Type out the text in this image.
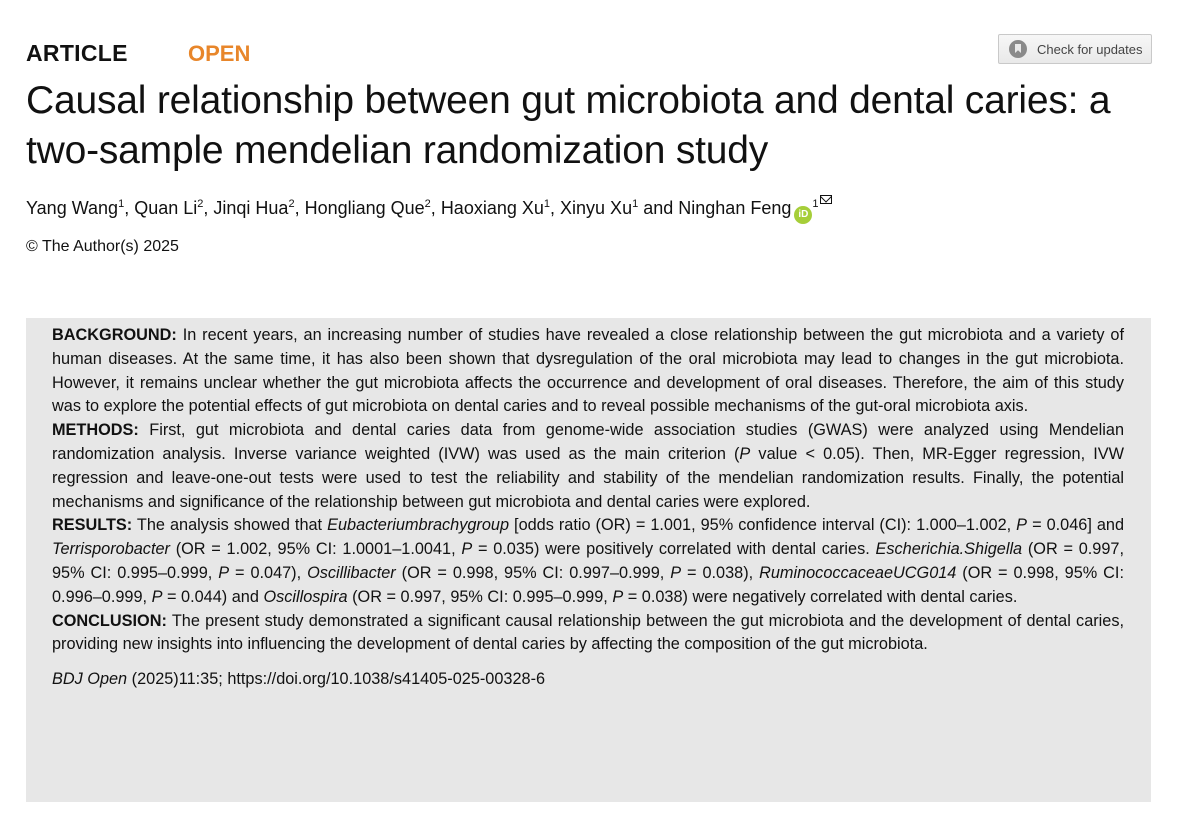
ARTICLE	OPEN	Check for updates
Causal relationship between gut microbiota and dental caries: a two-sample mendelian randomization study
Yang Wang$^1$, Quan Li$^2$, Jinqi Hua$^2$, Hongliang Que$^2$, Haoxiang Xu$^1$, Xinyu Xu$^1$ and Ninghan Feng $iD^1$
© The Author(s) 2025

BACKGROUND: In recent years, an increasing number of studies have revealed a close relationship between the gut microbiota and a variety of human diseases. At the same time, it has also been shown that dysregulation of the oral microbiota may lead to changes in the gut microbiota. However, it remains unclear whether the gut microbiota affects the occurrence and development of oral diseases. Therefore, the aim of this study was to explore the potential effects of gut microbiota on dental caries and to reveal possible mechanisms of the gut-oral microbiota axis.

METHODS: First, gut microbiota and dental caries data from genome-wide association studies (GWAS) were analyzed using Mendelian randomization analysis. Inverse variance weighted (IVW) was used as the main criterion (P value < 0.05). Then, MR-Egger regression, IVW regression and leave-one-out tests were used to test the reliability and stability of the mendelian randomization results. Finally, the potential mechanisms and significance of the relationship between gut microbiota and dental caries were explored.

RESULTS: The analysis showed that Eubacteriumbrachygroup [odds ratio (OR) = 1.001, 95% confidence interval (CI): 1.000–1.002, P = 0.046] and Terrisporobacter (OR = 1.002, 95% CI: 1.0001–1.0041, P = 0.035) were positively correlated with dental caries. Escherichia.Shigella (OR = 0.997, 95% CI: 0.995–0.999, P = 0.047), Oscillibacter (OR = 0.998, 95% CI: 0.997–0.999, P = 0.038), RuminococcaceaeUCG014 (OR = 0.998, 95% CI: 0.996–0.999, P = 0.044) and Oscillospira (OR = 0.997, 95% CI: 0.995–0.999, P = 0.038) were negatively correlated with dental caries.

CONCLUSION: The present study demonstrated a significant causal relationship between the gut microbiota and the development of dental caries, providing new insights into influencing the development of dental caries by affecting the composition of the gut microbiota.

BDJ Open (2025)11:35; https://doi.org/10.1038/s41405-025-00328-6
